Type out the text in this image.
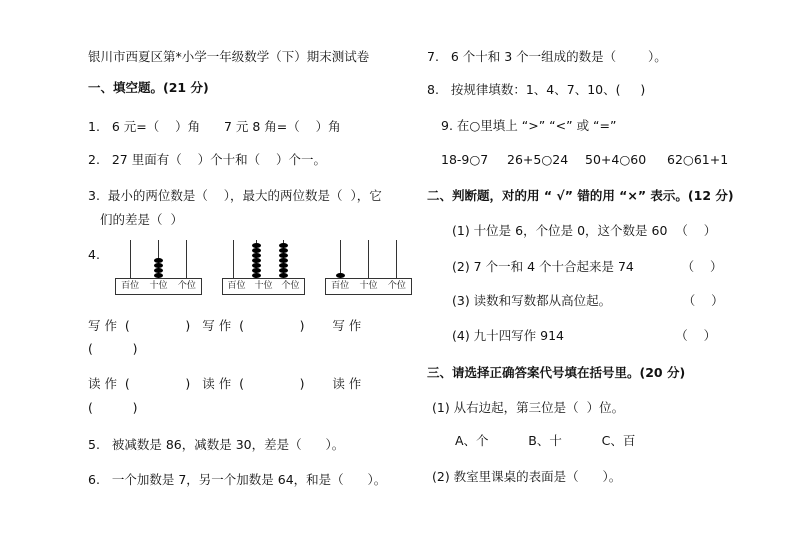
银川市西夏区第*小学一年级数学（下）期末测试卷
一、填空题。(21 分)
1.   6 元=（    ）角      7 元 8 角=（    ）角
2.   27 里面有（    ）个十和（    ）个一。
3.  最小的两位数是（    ），最大的两位数是（  ），它
们的差是（  ）
4.
百位 十位 个位	百位 十位 个位	百位 十位 个位
写 作  (              )   写 作  (              )       写 作
(          )
读 作  (              )   读 作  (              )       读 作
(          )
5.   被减数是 86，减数是 30，差是（      ）。
6.   一个加数是 7，另一个加数是 64，和是（      ）。
7.   6 个十和 3 个一组成的数是（        ）。
8.   按规律填数：1、4、7、10、(     )
9. 在○里填上 “>” “<” 或 “=”
18-9○7 26+5○24 50+4○60 62○61+1
二、判断题，对的用 “ √” 错的用 “×” 表示。(12 分)
(1) 十位是 6，个位是 0，这个数是 60  （    ）
(2) 7 个一和 4 个十合起来是 74            （    ）
(3) 读数和写数都从高位起。                  （    ）
(4) 九十四写作 914                            （    ）
三、请选择正确答案代号填在括号里。(20 分)
(1) 从右边起，第三位是（  ）位。
A、个          B、十          C、百
(2) 教室里课桌的表面是（      ）。
